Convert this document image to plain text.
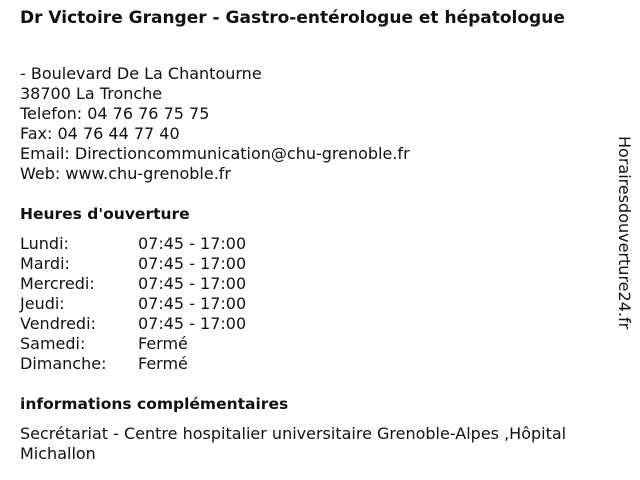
Dr Victoire Granger - Gastro-entérologue et hépatologue
- Boulevard De La Chantourne
38700 La Tronche
Telefon: 04 76 76 75 75
Fax: 04 76 44 77 40
Email: Directioncommunication@chu-grenoble.fr
Web: www.chu-grenoble.fr
Heures d'ouverture
Lundi:	07:45 - 17:00
Mardi:	07:45 - 17:00
Mercredi:	07:45 - 17:00
Jeudi:	07:45 - 17:00
Vendredi:	07:45 - 17:00
Samedi:	Fermé
Dimanche:	Fermé
informations complémentaires
Secrétariat - Centre hospitalier universitaire Grenoble-Alpes ,Hôpital Michallon
Horairesdouverture24.fr
